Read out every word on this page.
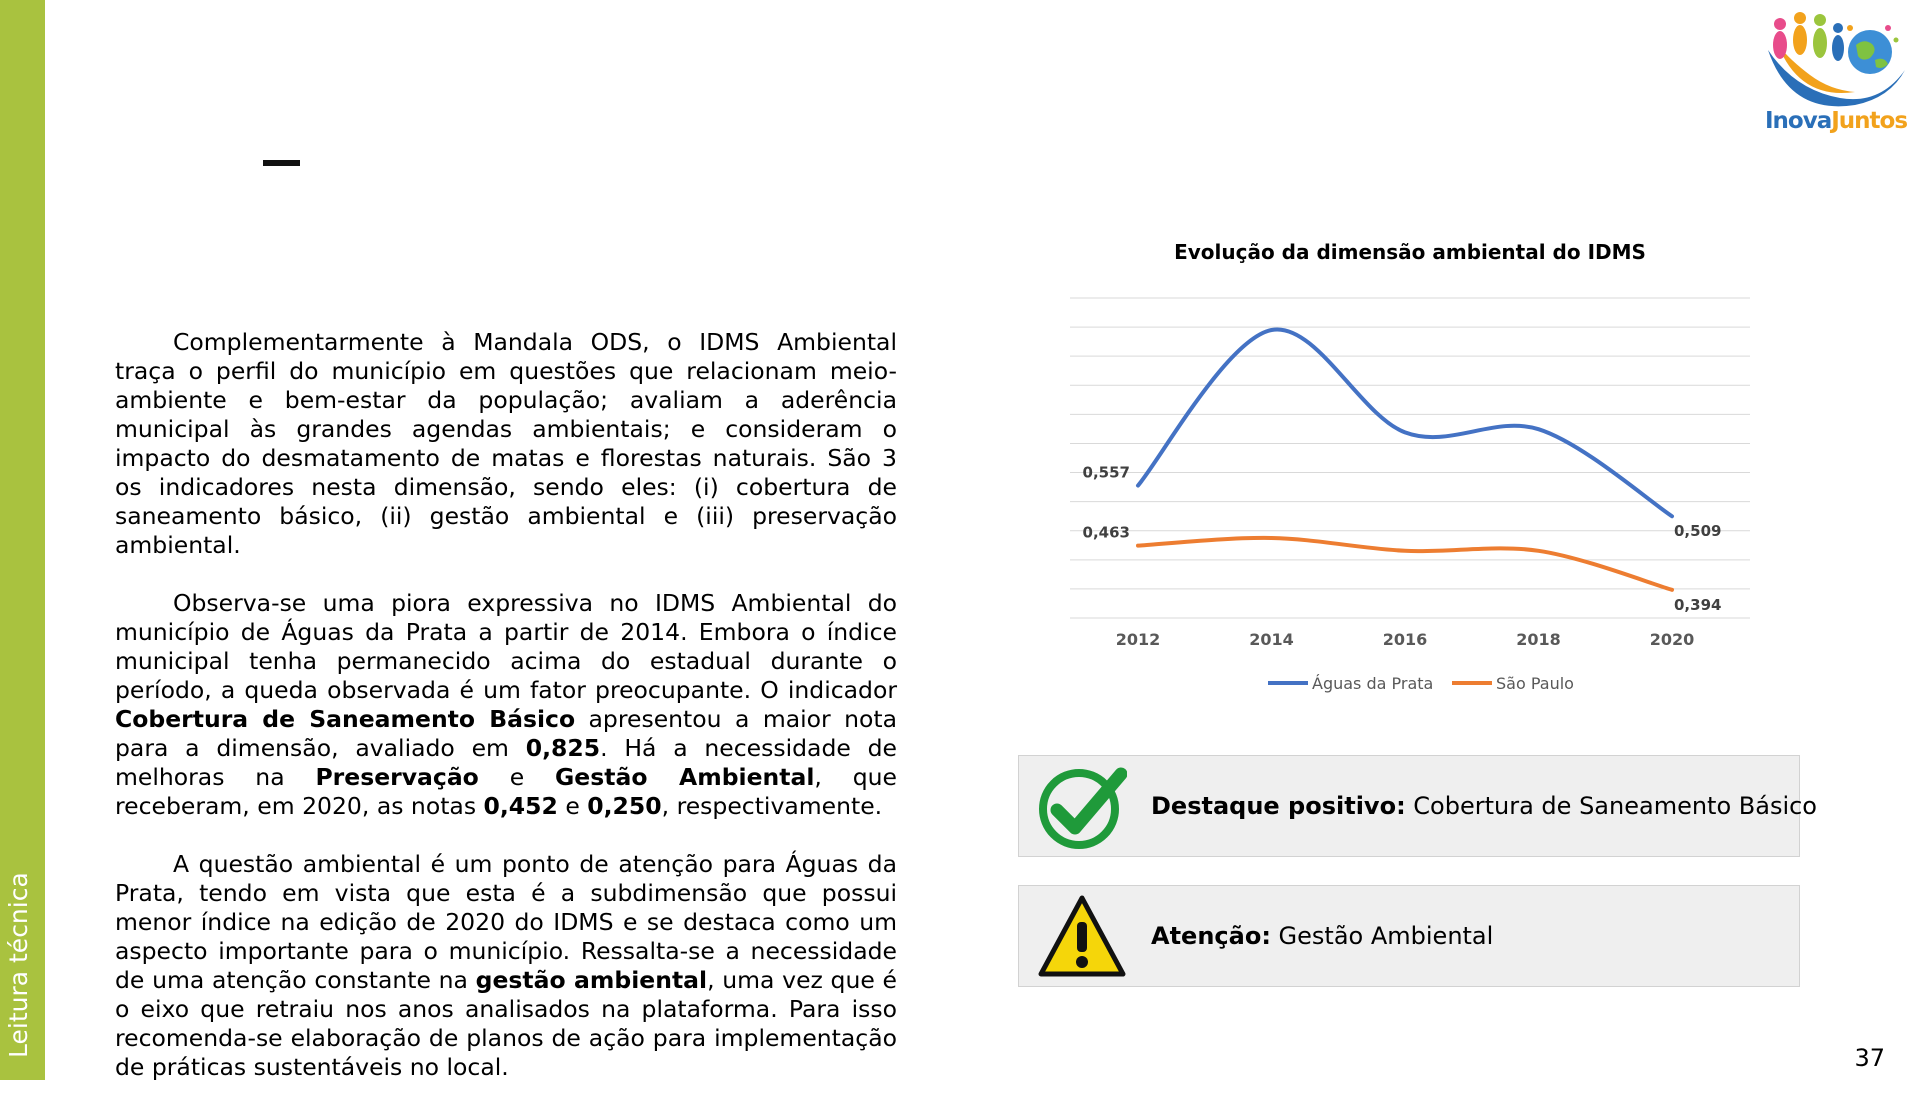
Leitura técnica
InovaJuntos

Complementarmente à Mandala ODS, o IDMS Ambiental traça o perfil do município em questões que relacionam meio-ambiente e bem-estar da população; avaliam a aderência municipal às grandes agendas ambientais; e consideram o impacto do desmatamento de matas e florestas naturais. São 3 os indicadores nesta dimensão, sendo eles: (i) cobertura de saneamento básico, (ii) gestão ambiental e (iii) preservação ambiental.

Observa-se uma piora expressiva no IDMS Ambiental do município de Águas da Prata a partir de 2014. Embora o índice municipal tenha permanecido acima do estadual durante o período, a queda observada é um fator preocupante. O indicador Cobertura de Saneamento Básico apresentou a maior nota para a dimensão, avaliado em 0,825. Há a necessidade de melhoras na Preservação e Gestão Ambiental, que receberam, em 2020, as notas 0,452 e 0,250, respectivamente.

A questão ambiental é um ponto de atenção para Águas da Prata, tendo em vista que esta é a subdimensão que possui menor índice na edição de 2020 do IDMS e se destaca como um aspecto importante para o município. Ressalta-se a necessidade de uma atenção constante na gestão ambiental, uma vez que é o eixo que retraiu nos anos analisados na plataforma. Para isso recomenda-se elaboração de planos de ação para implementação de práticas sustentáveis no local.

Evolução da dimensão ambiental do IDMS
2012	2014	2016	2018	2020
0,557
0,509
0,463
0,394
Águas da Prata	São Paulo
Destaque positivo: Cobertura de Saneamento Básico
Atenção: Gestão Ambiental
37
